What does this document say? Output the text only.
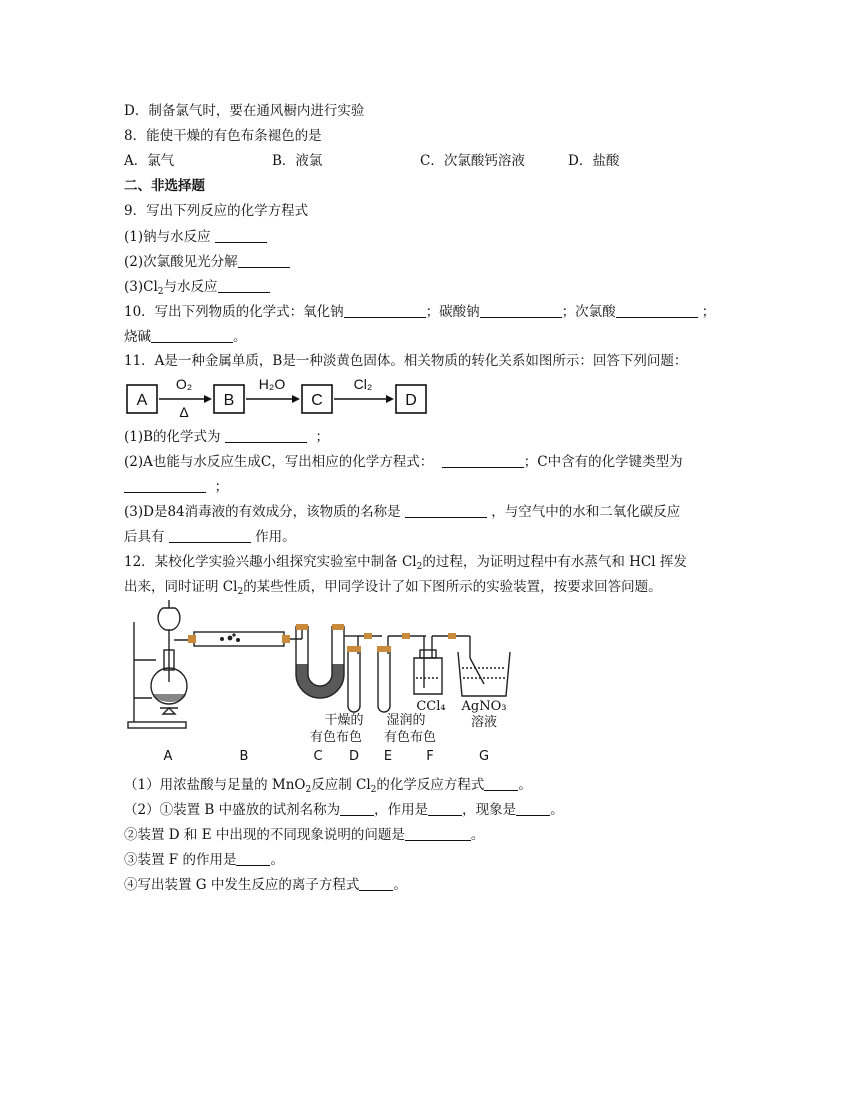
D．制备氯气时，要在通风橱内进行实验
8．能使干燥的有色布条褪色的是
A．氯气	B．液氯	C．次氯酸钙溶液	D．盐酸
二、非选择题
9．写出下列反应的化学方程式
(1)钠与水反应
(2)次氯酸见光分解
$(3)Cl_2$与水反应
10．写出下列物质的化学式：氧化钠	；碳酸钠	；次氯酸	；
烧碱	。
11．A是一种金属单质，B是一种淡黄色固体。相关物质的转化关系如图所示：回答下列问题：
A	B	C	D
O₂
Δ
H₂O	Cl₂
(1)B的化学式为	；
(2)A也能与水反应生成C，写出相应的化学方程式：	；C中含有的化学键类型为
；
(3)D是84消毒液的有效成分，该物质的名称是	，与空气中的水和二氧化碳反应
后具有	作用。
12．某校化学实验兴趣小组探究实验室中制备 $Cl_2$的过程，为证明过程中有水蒸气和 HCl 挥发
出来，同时证明 $Cl_2$的某些性质，甲同学设计了如下图所示的实验装置，按要求回答问题。
干燥的
有色布色
湿润的
有色布色
CCl₄ AgNO₃
溶液
A	B	C D E	F	G
（1）用浓盐酸与足量的 MnO$_2$反应制 $Cl_2$的化学反应方程式	。
（2）①装置 B 中盛放的试剂名称为	，作用是	，现象是	。
②装置 D 和 E 中出现的不同现象说明的问题是	。
③装置 F 的作用是	。
④写出装置 G 中发生反应的离子方程式	。
